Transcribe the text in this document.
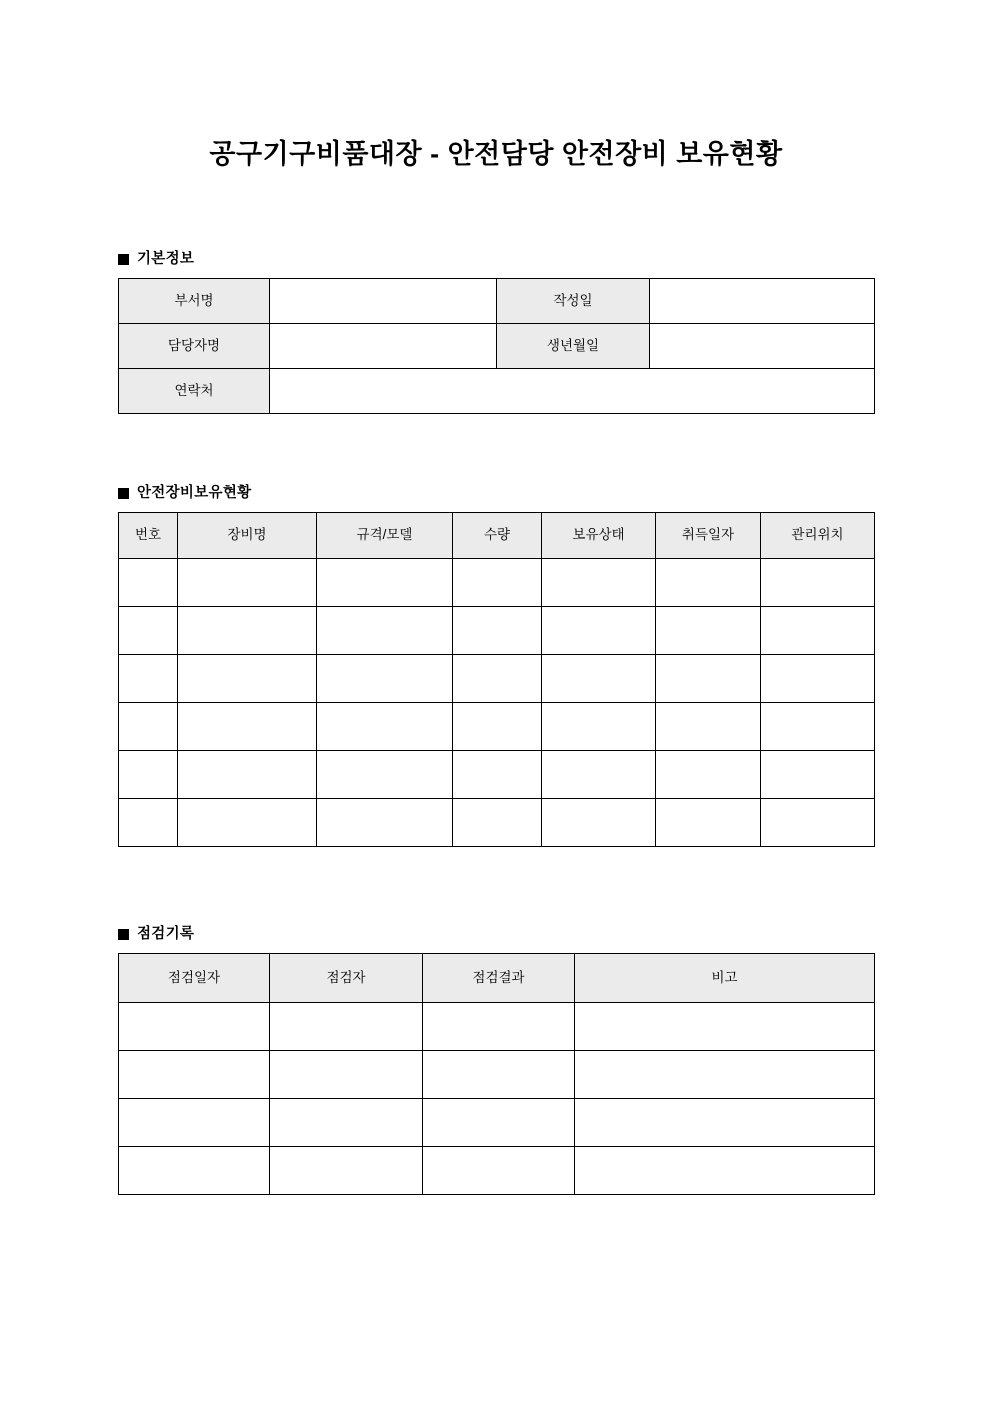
공구기구비품대장 - 안전담당 안전장비 보유현황
기본정보
부서명		작성일	
담당자명		생년월일	
연락처			
안전장비보유현황
번호	장비명	규격/모델	수량	보유상태	취득일자	관리위치

점검기록
점검일자	점검자	점검결과	비고
